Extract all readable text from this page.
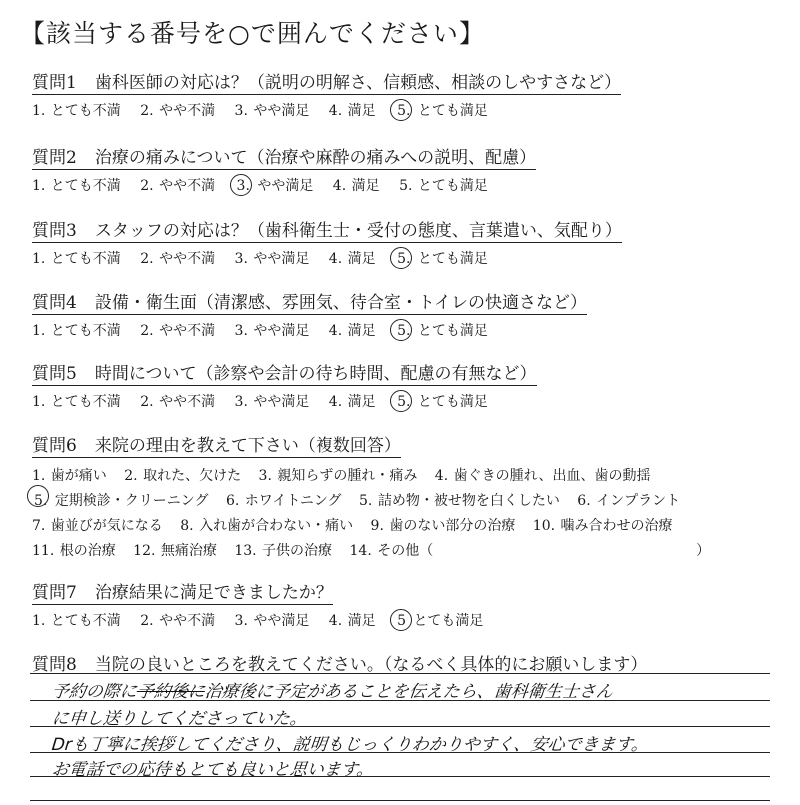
【該当する番号を○で囲んでください】
質問1 歯科医師の対応は？（説明の明解さ、信頼感、相談のしやすさなど）
1. とても不満 2. やや不満 3. やや満足 4. 満足 5. とても満足
質問2 治療の痛みについて（治療や麻酔の痛みへの説明、配慮）
1. とても不満 2. やや不満 3. やや満足 4. 満足 5. とても満足
質問3 スタッフの対応は？（歯科衛生士・受付の態度、言葉遣い、気配り）
1. とても不満 2. やや不満 3. やや満足 4. 満足 5. とても満足
質問4 設備・衛生面（清潔感、雰囲気、待合室・トイレの快適さなど）
1. とても不満 2. やや不満 3. やや満足 4. 満足 5. とても満足
質問5 時間について（診察や会計の待ち時間、配慮の有無など）
1. とても不満 2. やや不満 3. やや満足 4. 満足 5. とても満足
質問6 来院の理由を教えて下さい（複数回答）
1. 歯が痛い 2. 取れた、欠けた 3. 親知らずの腫れ・痛み 4. 歯ぐきの腫れ、出血、歯の動揺
5. 定期検診・クリーニング 6. ホワイトニング 5. 詰め物・被せ物を白くしたい 6. インプラント
7. 歯並びが気になる 8. 入れ歯が合わない・痛い 9. 歯のない部分の治療 10. 噛み合わせの治療
11. 根の治療 12. 無痛治療 13. 子供の治療 14. その他（	）
質問7 治療結果に満足できましたか？
1. とても不満 2. やや不満 3. やや満足 4. 満足 5 とても満足
質問8 当院の良いところを教えてください。（なるべく具体的にお願いします）
予約の際に予約後に治療後に予定があることを伝えたら、歯科衛生士さん
に申し送りしてくださっていた。
Drも丁寧に挨拶してくださり、説明もじっくりわかりやすく、安心できます。
お電話での応待もとても良いと思います。
